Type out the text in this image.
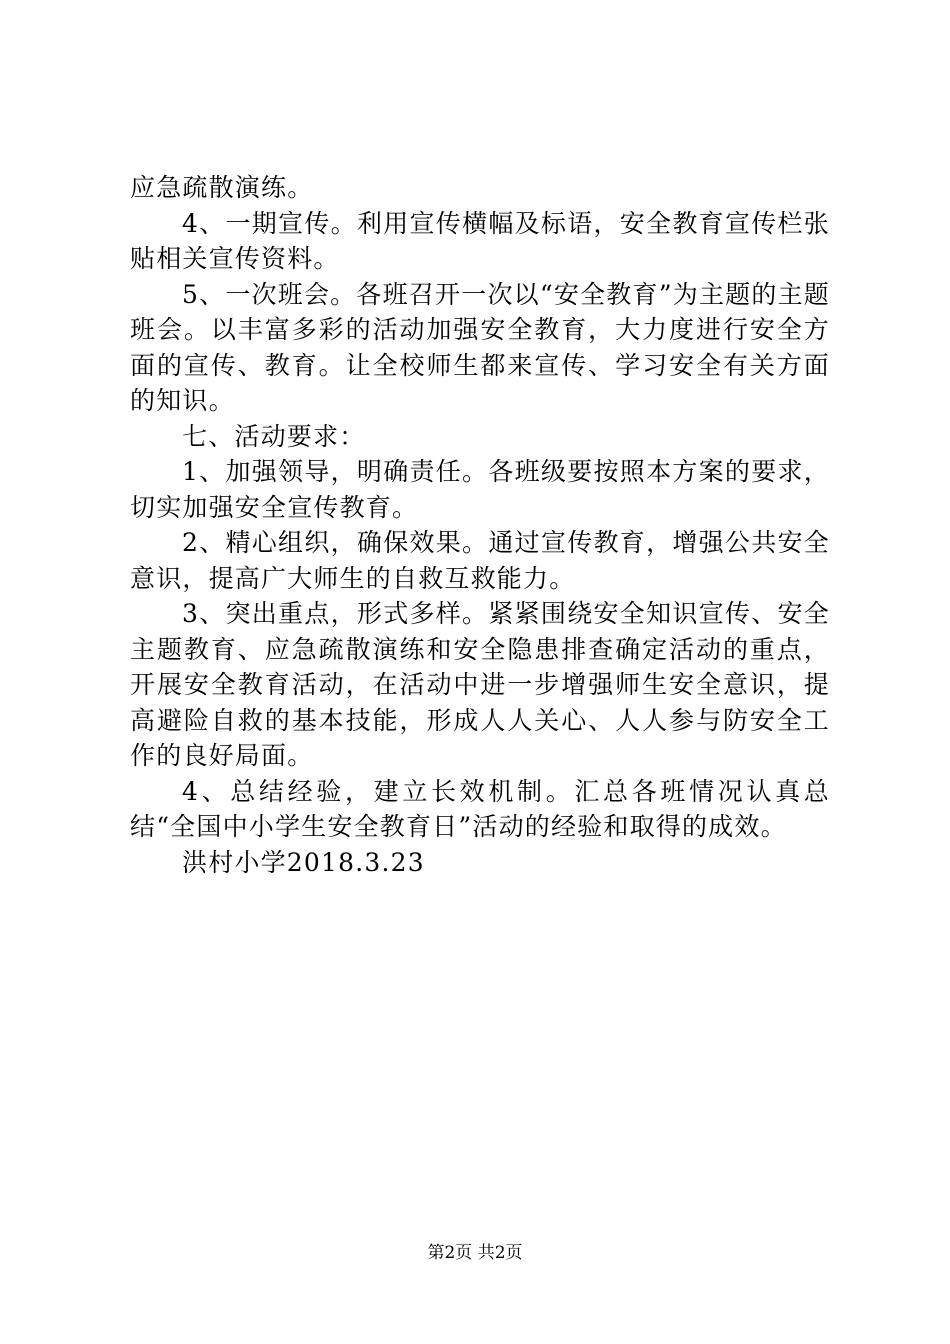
应急疏散演练。

4、一期宣传。利用宣传横幅及标语，安全教育宣传栏张贴相关宣传资料。

5、一次班会。各班召开一次以“安全教育”为主题的主题班会。以丰富多彩的活动加强安全教育，大力度进行安全方面的宣传、教育。让全校师生都来宣传、学习安全有关方面的知识。

七、活动要求：

1、加强领导，明确责任。各班级要按照本方案的要求，切实加强安全宣传教育。

2、精心组织，确保效果。通过宣传教育，增强公共安全意识，提高广大师生的自救互救能力。

3、突出重点，形式多样。紧紧围绕安全知识宣传、安全主题教育、应急疏散演练和安全隐患排查确定活动的重点，开展安全教育活动，在活动中进一步增强师生安全意识，提高避险自救的基本技能，形成人人关心、人人参与防安全工作的良好局面。

4、总结经验，建立长效机制。汇总各班情况认真总结“全国中小学生安全教育日”活动的经验和取得的成效。

洪村小学2018.3.23

第2页 共2页
